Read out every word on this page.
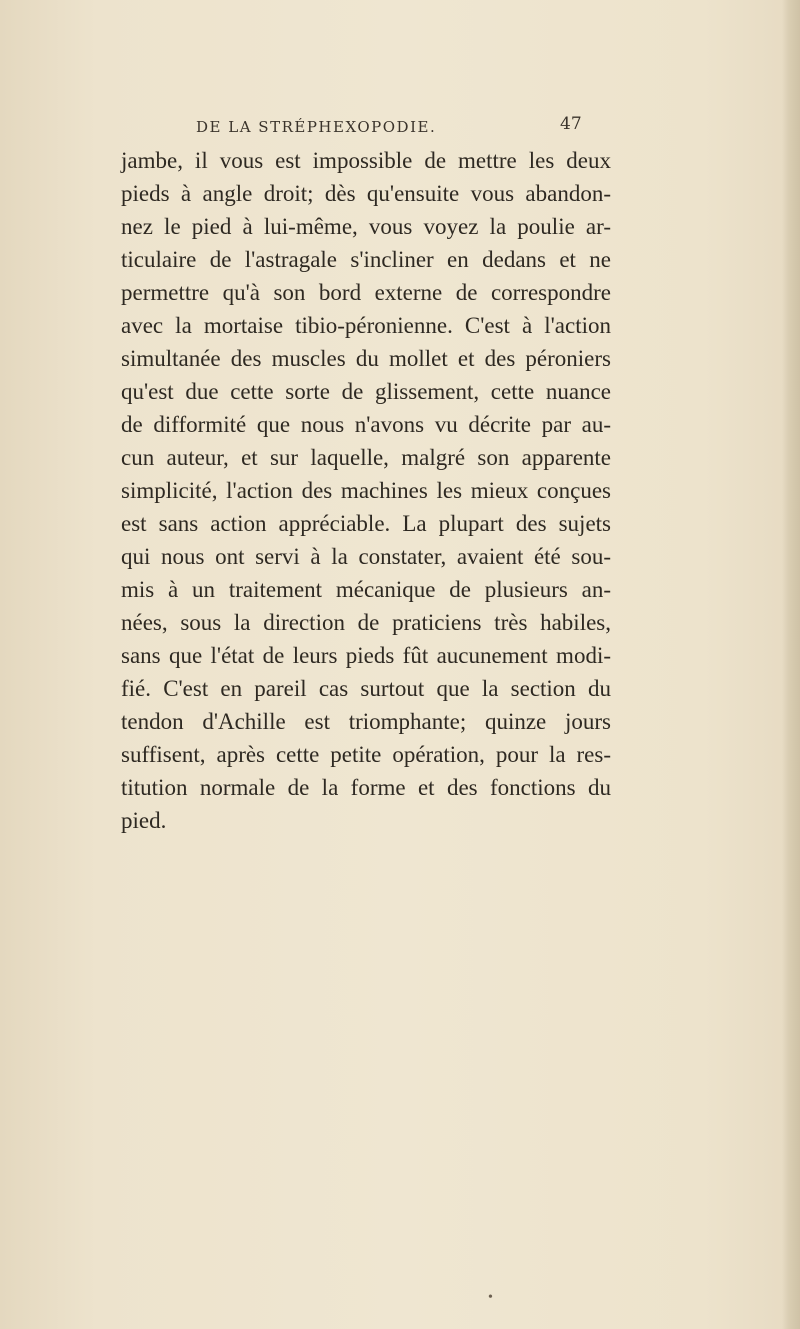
DE LA STRÉPHEXOPODIE.	47
jambe, il vous est impossible de mettre les deux
pieds à angle droit; dès qu'ensuite vous abandon-
nez le pied à lui-même, vous voyez la poulie ar-
ticulaire de l'astragale s'incliner en dedans et ne
permettre qu'à son bord externe de correspondre
avec la mortaise tibio-péronienne. C'est à l'action
simultanée des muscles du mollet et des péroniers
qu'est due cette sorte de glissement, cette nuance
de difformité que nous n'avons vu décrite par au-
cun auteur, et sur laquelle, malgré son apparente
simplicité, l'action des machines les mieux conçues
est sans action appréciable. La plupart des sujets
qui nous ont servi à la constater, avaient été sou-
mis à un traitement mécanique de plusieurs an-
nées, sous la direction de praticiens très habiles,
sans que l'état de leurs pieds fût aucunement modi-
fié. C'est en pareil cas surtout que la section du
tendon d'Achille est triomphante; quinze jours
suffisent, après cette petite opération, pour la res-
titution normale de la forme et des fonctions du
pied.
•
